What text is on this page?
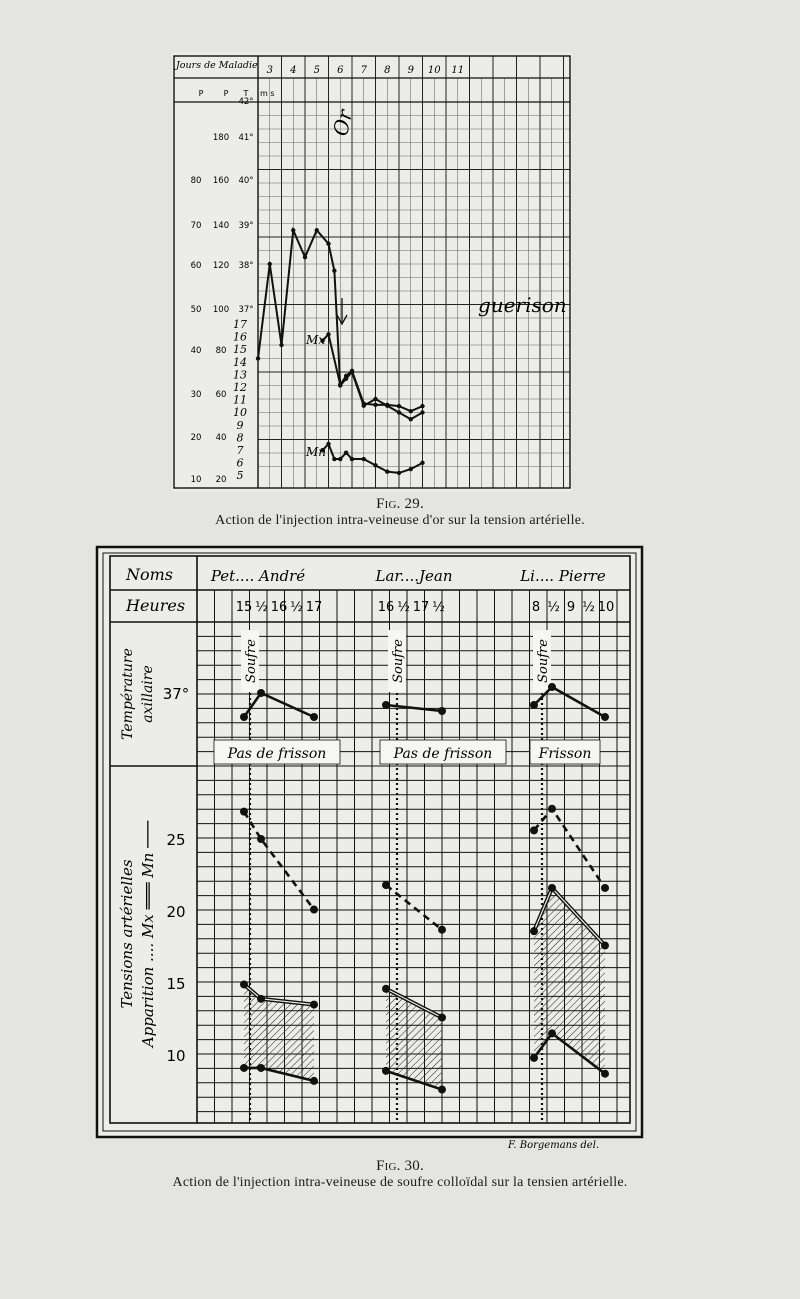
Jours de Maladie
m s
3 4 5 6 7 8 9 10 11
P	P T
42°
180 41°
80 160 40°
70 140 39°
60 120 38°
50 100 37°
40 80
30 60
20 40
10 20
17
16
15
14
13
12
11
10
9
8
7
6
5
Or
Mx
Mn
guerison
Fig. 29.
Action de l'injection intra-veineuse d'or sur la tension artérielle.
Noms
Heures
Température axillaire
Tensions artérielles Apparition .... Mx ═══ Mn ───
37°
25
20
15
10
Pet.... André
15 ½ 16 ½ 17
Soufre
Pas de frisson
Lar....Jean
16 ½ 17 ½
Soufre
Pas de frisson
Li.... Pierre
8 ½ 9 ½ 10
Soufre
Frisson
F. Borgemans del.
Fig. 30.
Action de l'injection intra-veineuse de soufre colloïdal sur la tensien artérielle.
